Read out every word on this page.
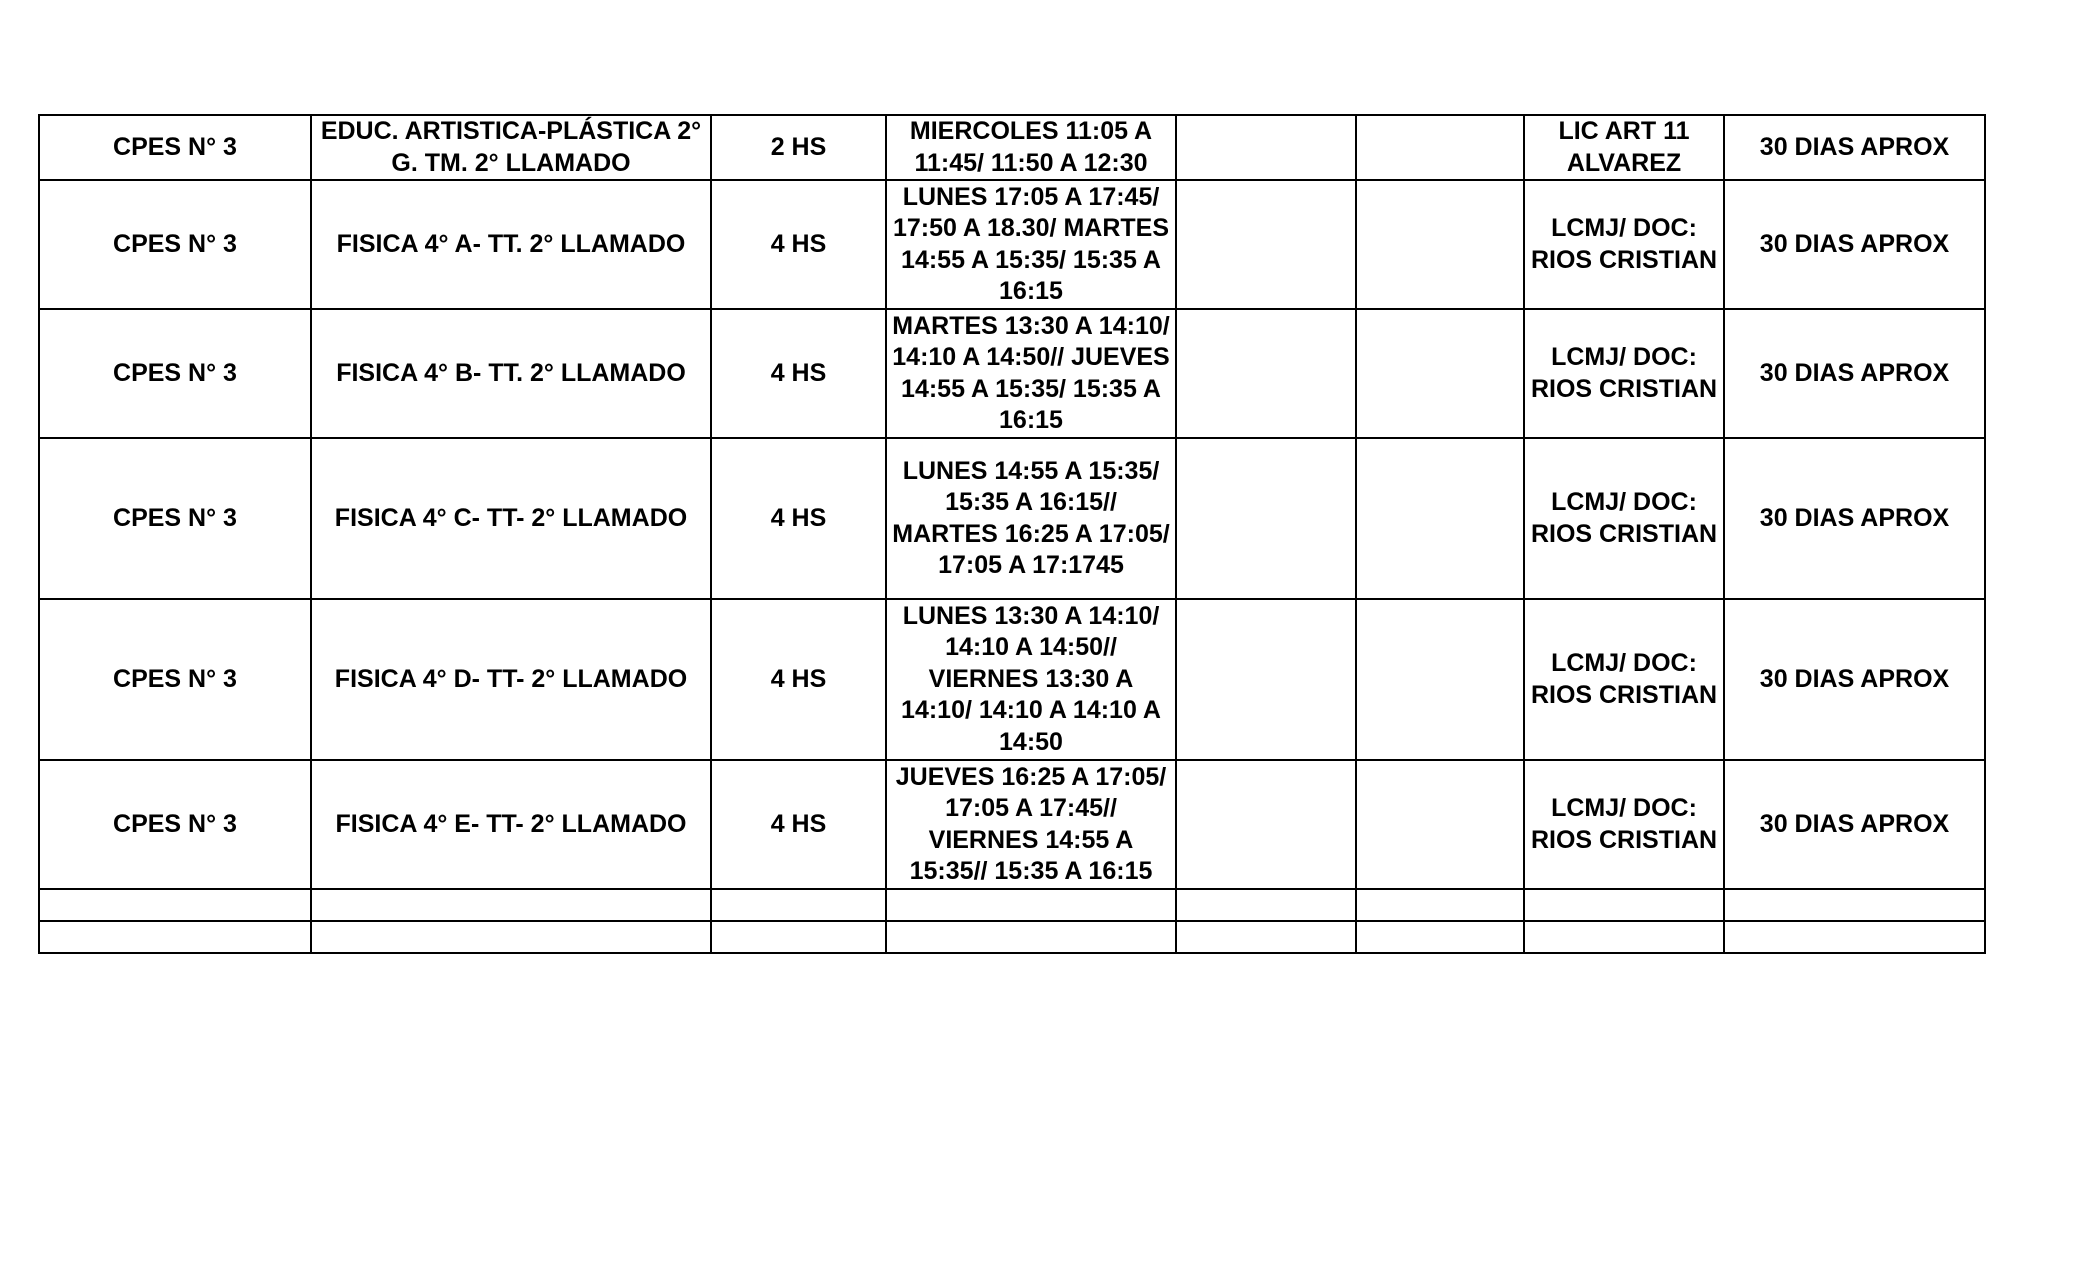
CPES N° 3	EDUC. ARTISTICA-PLÁSTICA 2° G. TM. 2° LLAMADO	2 HS	MIERCOLES 11:05 A 11:45/ 11:50 A 12:30			LIC ART 11 ALVAREZ	30 DIAS APROX
CPES N° 3	FISICA 4° A- TT. 2° LLAMADO	4 HS	LUNES 17:05 A 17:45/ 17:50 A 18.30/ MARTES 14:55 A 15:35/ 15:35 A 16:15			LCMJ/ DOC: RIOS CRISTIAN	30 DIAS APROX
CPES N° 3	FISICA 4° B- TT. 2° LLAMADO	4 HS	MARTES 13:30 A 14:10/ 14:10 A 14:50// JUEVES 14:55 A 15:35/ 15:35 A 16:15			LCMJ/ DOC: RIOS CRISTIAN	30 DIAS APROX
CPES N° 3	FISICA 4° C- TT- 2° LLAMADO	4 HS	LUNES 14:55 A 15:35/ 15:35 A 16:15// MARTES 16:25 A 17:05/ 17:05 A 17:1745			LCMJ/ DOC: RIOS CRISTIAN	30 DIAS APROX
CPES N° 3	FISICA 4° D- TT- 2° LLAMADO	4 HS	LUNES 13:30 A 14:10/ 14:10 A 14:50// VIERNES 13:30 A 14:10/ 14:10 A 14:10 A 14:50			LCMJ/ DOC: RIOS CRISTIAN	30 DIAS APROX
CPES N° 3	FISICA 4° E- TT- 2° LLAMADO	4 HS	JUEVES 16:25 A 17:05/ 17:05 A 17:45// VIERNES 14:55 A 15:35// 15:35 A 16:15			LCMJ/ DOC: RIOS CRISTIAN	30 DIAS APROX
